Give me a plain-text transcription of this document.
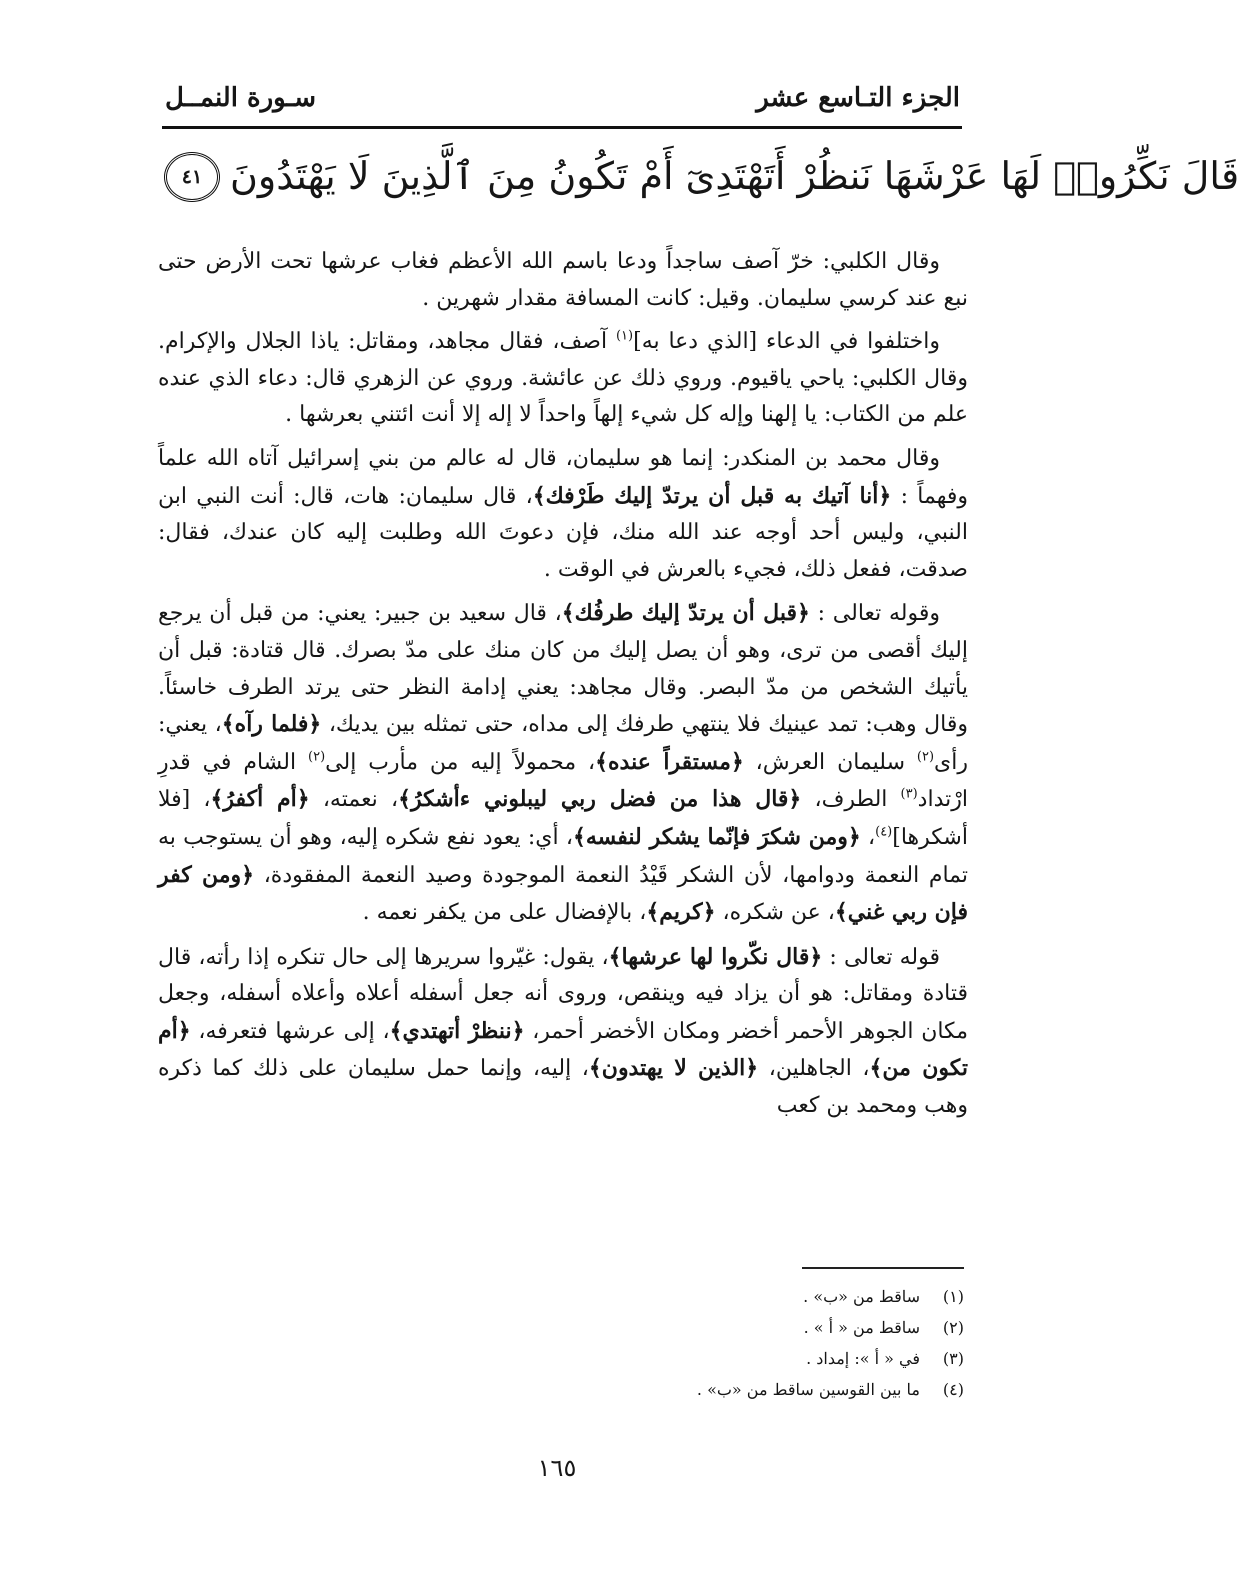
الجزء التـاسع عشر
سـورة النمــل
قَالَ نَكِّرُوا۟ لَهَا عَرْشَهَا نَنظُرْ أَتَهْتَدِىٓ أَمْ تَكُونُ مِنَ ٱلَّذِينَ لَا يَهْتَدُونَ
٤١

وقال الكلبي: خرّ آصف ساجداً ودعا باسم الله الأعظم فغاب عرشها تحت الأرض حتى نبع عند كرسي سليمان. وقيل: كانت المسافة مقدار شهرين .

واختلفوا في الدعاء [الذي دعا به]$^{(١)}$ آصف، فقال مجاهد، ومقاتل: ياذا الجلال والإكرام. وقال الكلبي: ياحي ياقيوم. وروي ذلك عن عائشة. وروي عن الزهري قال: دعاء الذي عنده علم من الكتاب: يا إلهنا وإله كل شيء إلهاً واحداً لا إله إلا أنت ائتني بعرشها .

وقال محمد بن المنكدر: إنما هو سليمان، قال له عالم من بني إسرائيل آتاه الله علماً وفهماً : ﴿أنا آتيك به قبل أن يرتدّ إليك طَرْفك﴾، قال سليمان: هات، قال: أنت النبي ابن النبي، وليس أحد أوجه عند الله منك، فإن دعوتَ الله وطلبت إليه كان عندك، فقال: صدقت، ففعل ذلك، فجيء بالعرش في الوقت .

وقوله تعالى : ﴿قبل أن يرتدّ إليك طرفُك﴾، قال سعيد بن جبير: يعني: من قبل أن يرجع إليك أقصى من ترى، وهو أن يصل إليك من كان منك على مدّ بصرك. قال قتادة: قبل أن يأتيك الشخص من مدّ البصر. وقال مجاهد: يعني إدامة النظر حتى يرتد الطرف خاسئاً. وقال وهب: تمد عينيك فلا ينتهي طرفك إلى مداه، حتى تمثله بين يديك، ﴿فلما رآه﴾، يعني: رأى$^{(٢)}$ سليمان العرش، ﴿مستقراً عنده﴾، محمولاً إليه من مأرب إلى$^{(٢)}$ الشام في قدرِ ارْتداد$^{(٣)}$ الطرف، ﴿قال هذا من فضل ربي ليبلوني ءأشكرُ﴾، نعمته، ﴿أم أكفرُ﴾، [فلا أشكرها]$^{(٤)}$، ﴿ومن شكرَ فإنّما يشكر لنفسه﴾، أي: يعود نفع شكره إليه، وهو أن يستوجب به تمام النعمة ودوامها، لأن الشكر قَيْدُ النعمة الموجودة وصيد النعمة المفقودة، ﴿ومن كفر فإن ربي غني﴾، عن شكره، ﴿كريم﴾، بالإفضال على من يكفر نعمه .

قوله تعالى : ﴿قال نكّروا لها عرشها﴾، يقول: غيّروا سريرها إلى حال تنكره إذا رأته، قال قتادة ومقاتل: هو أن يزاد فيه وينقص، وروى أنه جعل أسفله أعلاه وأعلاه أسفله، وجعل مكان الجوهر الأحمر أخضر ومكان الأخضر أحمر، ﴿ننظرْ أتهتدي﴾، إلى عرشها فتعرفه، ﴿أم تكون من﴾، الجاهلين، ﴿الذين لا يهتدون﴾، إليه، وإنما حمل سليمان على ذلك كما ذكره وهب ومحمد بن كعب

(١)
ساقط من «ب» .
(٢)
ساقط من « أ » .
(٣)
في « أ »: إمداد .
(٤)
ما بين القوسين ساقط من «ب» .
١٦٥
